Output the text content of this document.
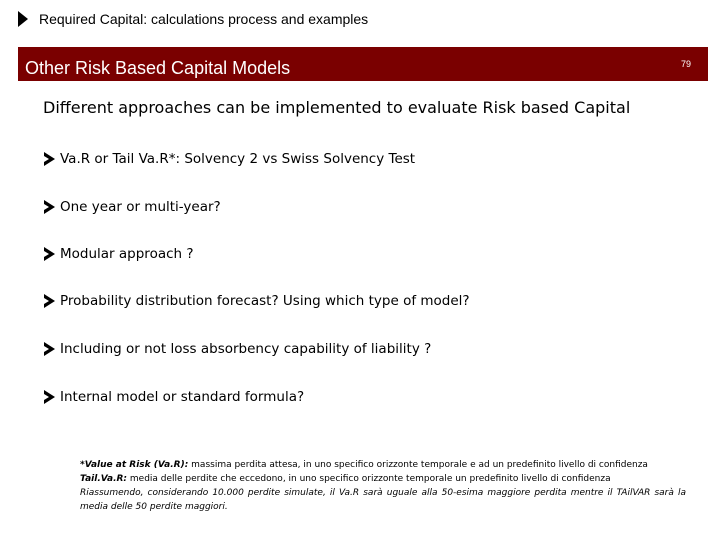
Required Capital: calculations process and examples
Other Risk Based Capital Models	79
Different approaches can be implemented to evaluate Risk based Capital
Va.R or Tail Va.R*: Solvency 2 vs Swiss Solvency Test
One year or multi-year?
Modular approach ?
Probability distribution forecast? Using which type of model?
Including or not loss absorbency capability of liability ?
Internal model or standard formula?
*Value at Risk (Va.R): massima perdita attesa, in uno specifico orizzonte temporale e ad un predefinito livello di confidenza
Tail.Va.R: media delle perdite che eccedono, in uno specifico orizzonte temporale un predefinito livello di confidenza
Riassumendo, considerando 10.000 perdite simulate, il Va.R sarà uguale alla 50-esima maggiore perdita mentre il TAilVAR sarà la media delle 50 perdite maggiori.
